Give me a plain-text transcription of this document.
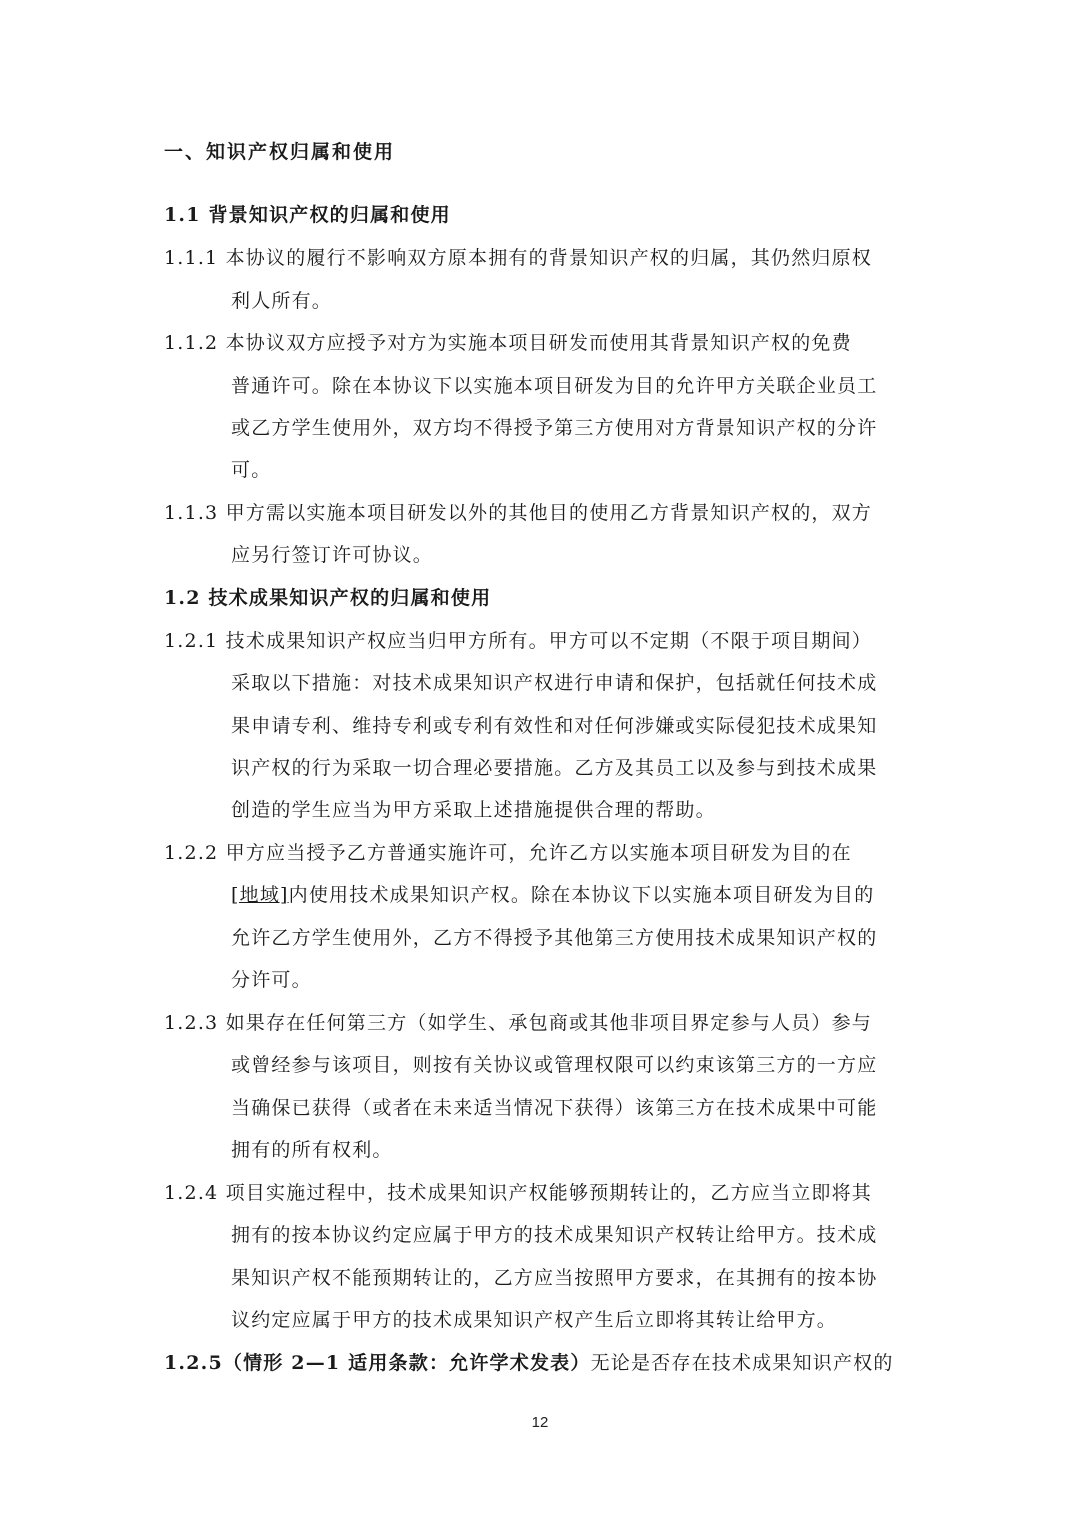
一、知识产权归属和使用
1.1 背景知识产权的归属和使用
1.1.1 本协议的履行不影响双方原本拥有的背景知识产权的归属，其仍然归原权
利人所有。
1.1.2 本协议双方应授予对方为实施本项目研发而使用其背景知识产权的免费
普通许可。除在本协议下以实施本项目研发为目的允许甲方关联企业员工
或乙方学生使用外，双方均不得授予第三方使用对方背景知识产权的分许
可。
1.1.3 甲方需以实施本项目研发以外的其他目的使用乙方背景知识产权的，双方
应另行签订许可协议。
1.2 技术成果知识产权的归属和使用
1.2.1 技术成果知识产权应当归甲方所有。甲方可以不定期（不限于项目期间）
采取以下措施：对技术成果知识产权进行申请和保护，包括就任何技术成
果申请专利、维持专利或专利有效性和对任何涉嫌或实际侵犯技术成果知
识产权的行为采取一切合理必要措施。乙方及其员工以及参与到技术成果
创造的学生应当为甲方采取上述措施提供合理的帮助。
1.2.2 甲方应当授予乙方普通实施许可，允许乙方以实施本项目研发为目的在
[地域]内使用技术成果知识产权。除在本协议下以实施本项目研发为目的
允许乙方学生使用外，乙方不得授予其他第三方使用技术成果知识产权的
分许可。
1.2.3 如果存在任何第三方（如学生、承包商或其他非项目界定参与人员）参与
或曾经参与该项目，则按有关协议或管理权限可以约束该第三方的一方应
当确保已获得（或者在未来适当情况下获得）该第三方在技术成果中可能
拥有的所有权利。
1.2.4 项目实施过程中，技术成果知识产权能够预期转让的，乙方应当立即将其
拥有的按本协议约定应属于甲方的技术成果知识产权转让给甲方。技术成
果知识产权不能预期转让的，乙方应当按照甲方要求，在其拥有的按本协
议约定应属于甲方的技术成果知识产权产生后立即将其转让给甲方。
1.2.5（情形 2—1 适用条款：允许学术发表）无论是否存在技术成果知识产权的
12
